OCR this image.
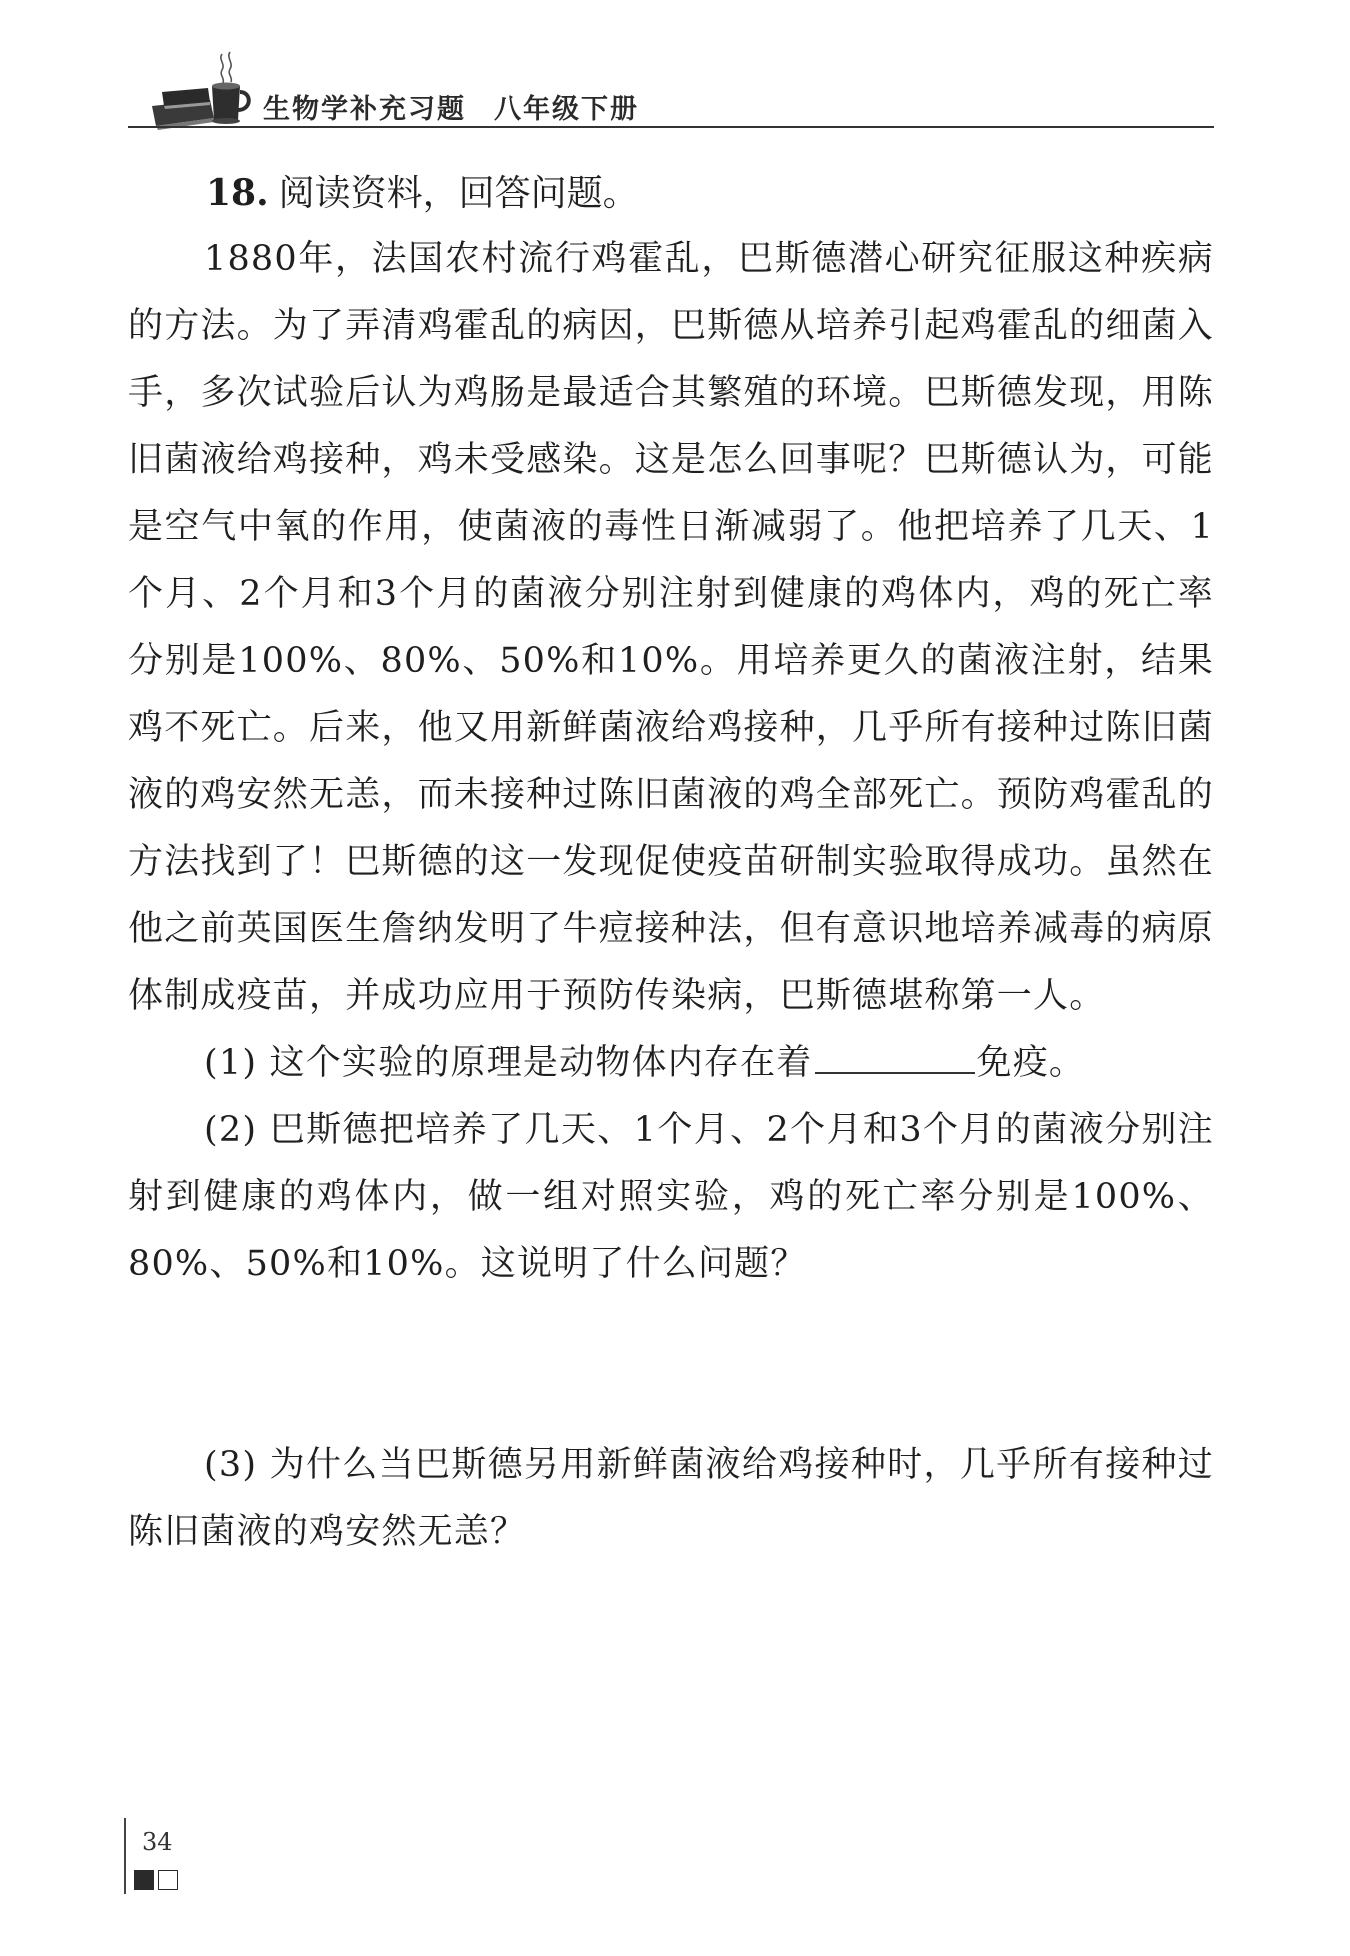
生物学补充习题 八年级下册

18. 阅读资料，回答问题。

1880年，法国农村流行鸡霍乱，巴斯德潜心研究征服这种疾病的方法。为了弄清鸡霍乱的病因，巴斯德从培养引起鸡霍乱的细菌入手，多次试验后认为鸡肠是最适合其繁殖的环境。巴斯德发现，用陈旧菌液给鸡接种，鸡未受感染。这是怎么回事呢？巴斯德认为，可能是空气中氧的作用，使菌液的毒性日渐减弱了。他把培养了几天、1个月、2个月和3个月的菌液分别注射到健康的鸡体内，鸡的死亡率分别是100%、80%、50%和10%。用培养更久的菌液注射，结果鸡不死亡。后来，他又用新鲜菌液给鸡接种，几乎所有接种过陈旧菌液的鸡安然无恙，而未接种过陈旧菌液的鸡全部死亡。预防鸡霍乱的方法找到了！巴斯德的这一发现促使疫苗研制实验取得成功。虽然在他之前英国医生詹纳发明了牛痘接种法，但有意识地培养减毒的病原体制成疫苗，并成功应用于预防传染病，巴斯德堪称第一人。

(1) 这个实验的原理是动物体内存在着	免疫。

(2) 巴斯德把培养了几天、1个月、2个月和3个月的菌液分别注射到健康的鸡体内，做一组对照实验，鸡的死亡率分别是100%、80%、50%和10%。这说明了什么问题？

(3) 为什么当巴斯德另用新鲜菌液给鸡接种时，几乎所有接种过陈旧菌液的鸡安然无恙？

34
